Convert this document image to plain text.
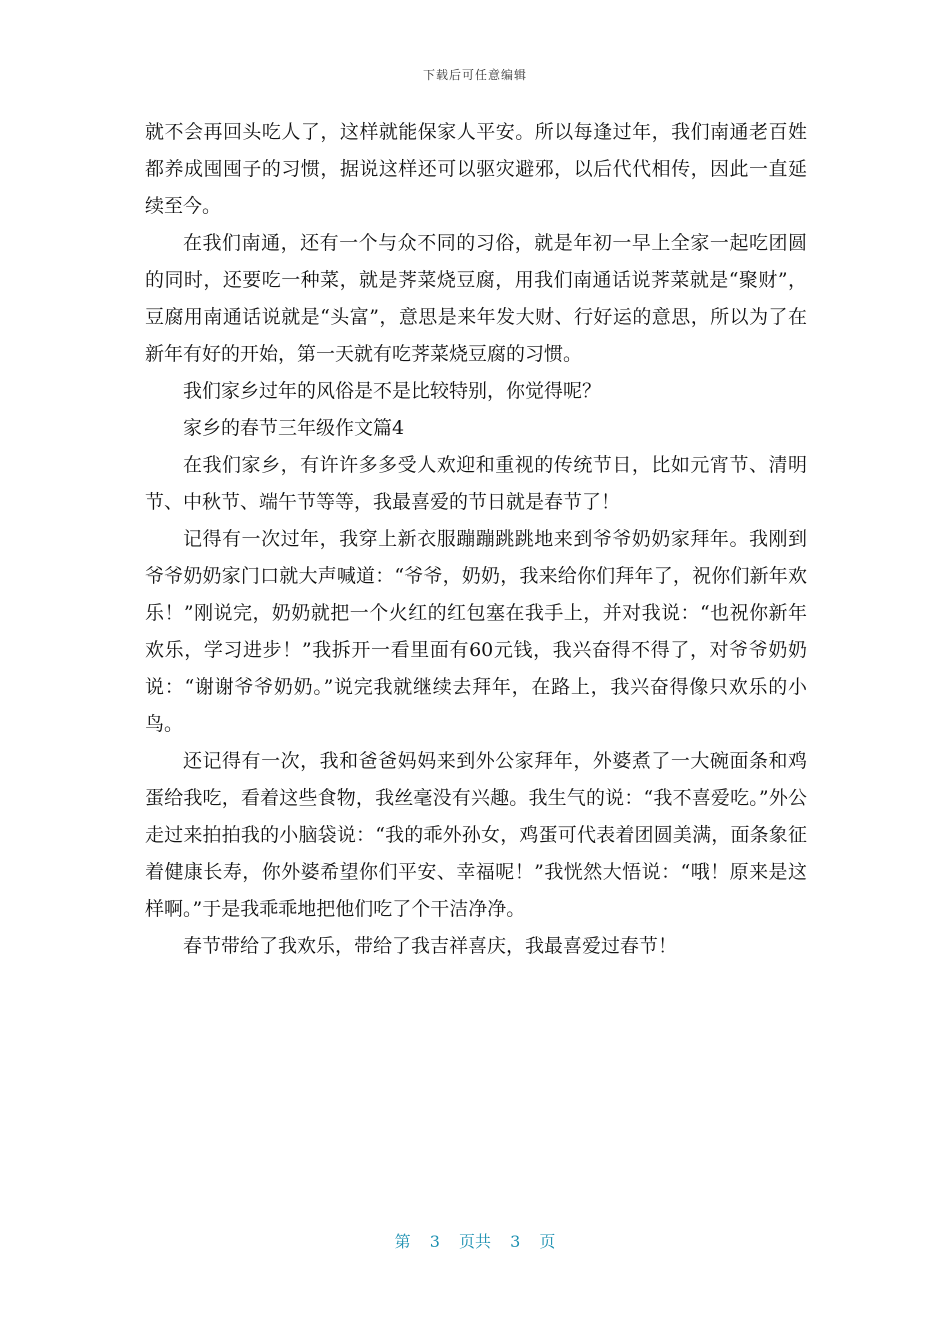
下载后可任意编辑

就不会再回头吃人了，这样就能保家人平安。所以每逢过年，我们南通老百姓都养成囤囤子的习惯，据说这样还可以驱灾避邪，以后代代相传，因此一直延续至今。

在我们南通，还有一个与众不同的习俗，就是年初一早上全家一起吃团圆的同时，还要吃一种菜，就是荠菜烧豆腐，用我们南通话说荠菜就是“聚财”，豆腐用南通话说就是“头富”，意思是来年发大财、行好运的意思，所以为了在新年有好的开始，第一天就有吃荠菜烧豆腐的习惯。

我们家乡过年的风俗是不是比较特别，你觉得呢？

家乡的春节三年级作文篇4

在我们家乡，有许许多多受人欢迎和重视的传统节日，比如元宵节、清明节、中秋节、端午节等等，我最喜爱的节日就是春节了！

记得有一次过年，我穿上新衣服蹦蹦跳跳地来到爷爷奶奶家拜年。我刚到爷爷奶奶家门口就大声喊道：“爷爷，奶奶，我来给你们拜年了，祝你们新年欢乐！”刚说完，奶奶就把一个火红的红包塞在我手上，并对我说：“也祝你新年欢乐，学习进步！”我拆开一看里面有60元钱，我兴奋得不得了，对爷爷奶奶说：“谢谢爷爷奶奶。”说完我就继续去拜年，在路上，我兴奋得像只欢乐的小鸟。

还记得有一次，我和爸爸妈妈来到外公家拜年，外婆煮了一大碗面条和鸡蛋给我吃，看着这些食物，我丝毫没有兴趣。我生气的说：“我不喜爱吃。”外公走过来拍拍我的小脑袋说：“我的乖外孙女，鸡蛋可代表着团圆美满，面条象征着健康长寿，你外婆希望你们平安、幸福呢！”我恍然大悟说：“哦！原来是这样啊。”于是我乖乖地把他们吃了个干洁净净。

春节带给了我欢乐，带给了我吉祥喜庆，我最喜爱过春节！

第 3 页共 3 页
